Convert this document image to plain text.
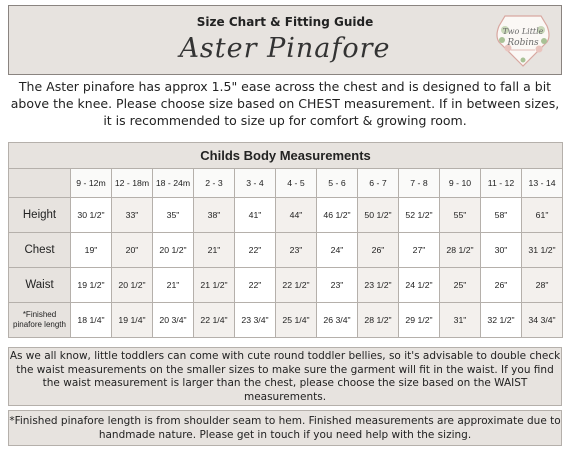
Size Chart & Fitting Guide
Aster Pinafore
Two Little
Robins
The Aster pinafore has approx 1.5" ease across the chest and is designed to fall a bit above the knee. Please choose size based on CHEST measurement. If in between sizes, it is recommended to size up for comfort & growing room.
Childs Body Measurements												
	9 - 12m	12 - 18m	18 - 24m	2 - 3	3 - 4	4 - 5	5 - 6	6 - 7	7 - 8	9 - 10	11 - 12	13 - 14
Height	30 1/2"	33"	35"	38"	41"	44"	46 1/2"	50 1/2"	52 1/2"	55"	58"	61"
Chest	19"	20"	20 1/2"	21"	22"	23"	24"	26"	27"	28 1/2"	30"	31 1/2"
Waist	19 1/2"	20 1/2"	21"	21 1/2"	22"	22 1/2"	23"	23 1/2"	24 1/2"	25"	26"	28"
*Finished pinafore length	18 1/4"	19 1/4"	20 3/4"	22 1/4"	23 3/4"	25 1/4"	26 3/4"	28 1/2"	29 1/2"	31"	32 1/2"	34 3/4"
As we all know, little toddlers can come with cute round toddler bellies, so it's advisable to double check the waist measurements on the smaller sizes to make sure the garment will fit in the waist. If you find the waist measurement is larger than the chest, please choose the size based on the WAIST measurements.
*Finished pinafore length is from shoulder seam to hem. Finished measurements are approximate due to handmade nature. Please get in touch if you need help with the sizing.
